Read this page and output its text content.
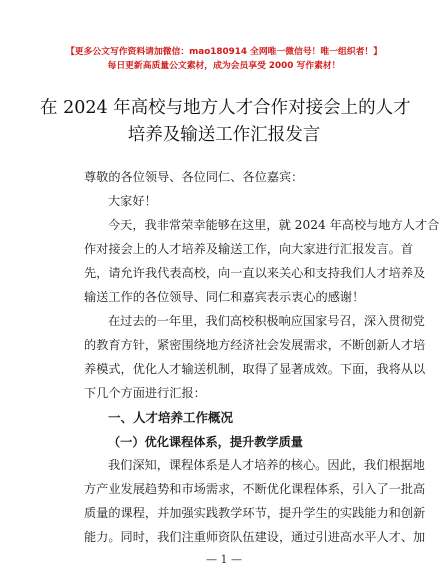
【更多公文写作资料请加微信：mao180914 全网唯一微信号！唯一组织者！】
每日更新高质量公文素材，成为会员享受 2000 写作素材！
在 2024 年高校与地方人才合作对接会上的人才
培养及输送工作汇报发言
尊敬的各位领导、各位同仁、各位嘉宾：
大家好！
今天，我非常荣幸能够在这里，就 2024 年高校与地方人才合
作对接会上的人才培养及输送工作，向大家进行汇报发言。首
先，请允许我代表高校，向一直以来关心和支持我们人才培养及
输送工作的各位领导、同仁和嘉宾表示衷心的感谢！
在过去的一年里，我们高校积极响应国家号召，深入贯彻党
的教育方针，紧密围绕地方经济社会发展需求，不断创新人才培
养模式，优化人才输送机制，取得了显著成效。下面，我将从以
下几个方面进行汇报：
一、人才培养工作概况
（一）优化课程体系，提升教学质量
我们深知，课程体系是人才培养的核心。因此，我们根据地
方产业发展趋势和市场需求，不断优化课程体系，引入了一批高
质量的课程，并加强实践教学环节，提升学生的实践能力和创新
能力。同时，我们注重师资队伍建设，通过引进高水平人才、加
— 1 —
